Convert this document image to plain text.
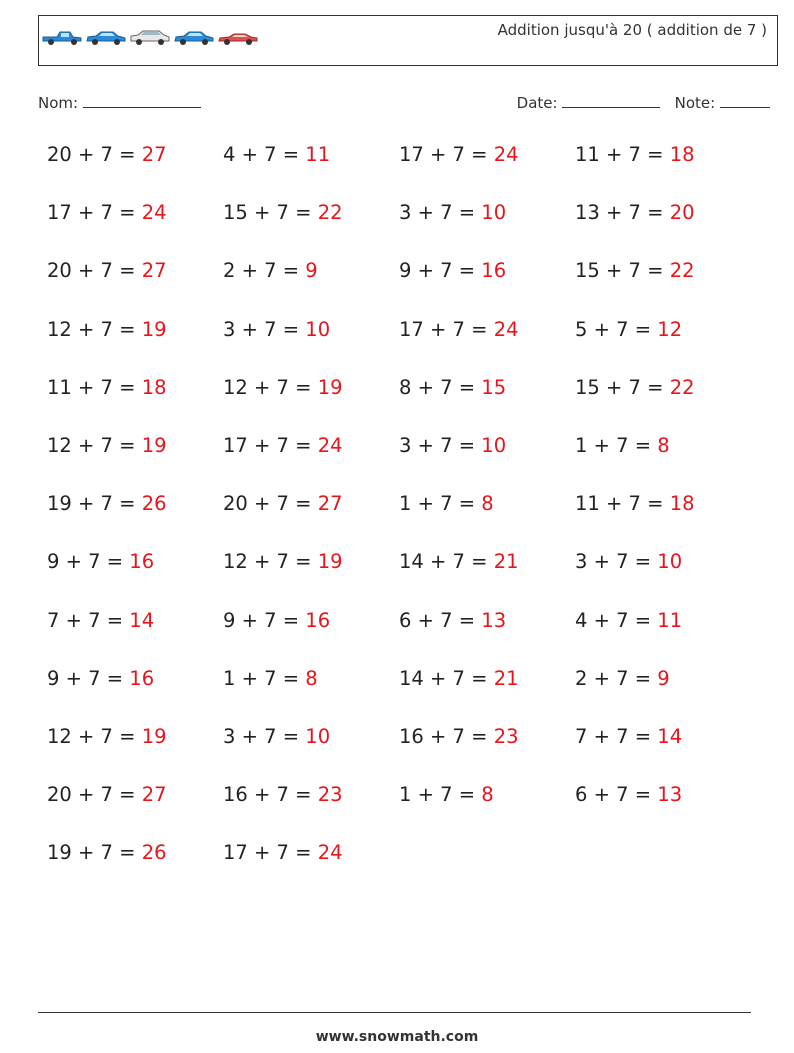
Addition jusqu'à 20 ( addition de 7 )
Nom:	Date:	Note:
20 + 7 = 27	4 + 7 = 11	17 + 7 = 24	11 + 7 = 18
17 + 7 = 24	15 + 7 = 22	3 + 7 = 10	13 + 7 = 20
20 + 7 = 27	2 + 7 = 9	9 + 7 = 16	15 + 7 = 22
12 + 7 = 19	3 + 7 = 10	17 + 7 = 24	5 + 7 = 12
11 + 7 = 18	12 + 7 = 19	8 + 7 = 15	15 + 7 = 22
12 + 7 = 19	17 + 7 = 24	3 + 7 = 10	1 + 7 = 8
19 + 7 = 26	20 + 7 = 27	1 + 7 = 8	11 + 7 = 18
9 + 7 = 16	12 + 7 = 19	14 + 7 = 21	3 + 7 = 10
7 + 7 = 14	9 + 7 = 16	6 + 7 = 13	4 + 7 = 11
9 + 7 = 16	1 + 7 = 8	14 + 7 = 21	2 + 7 = 9
12 + 7 = 19	3 + 7 = 10	16 + 7 = 23	7 + 7 = 14
20 + 7 = 27	16 + 7 = 23	1 + 7 = 8	6 + 7 = 13
19 + 7 = 26	17 + 7 = 24
www.snowmath.com
